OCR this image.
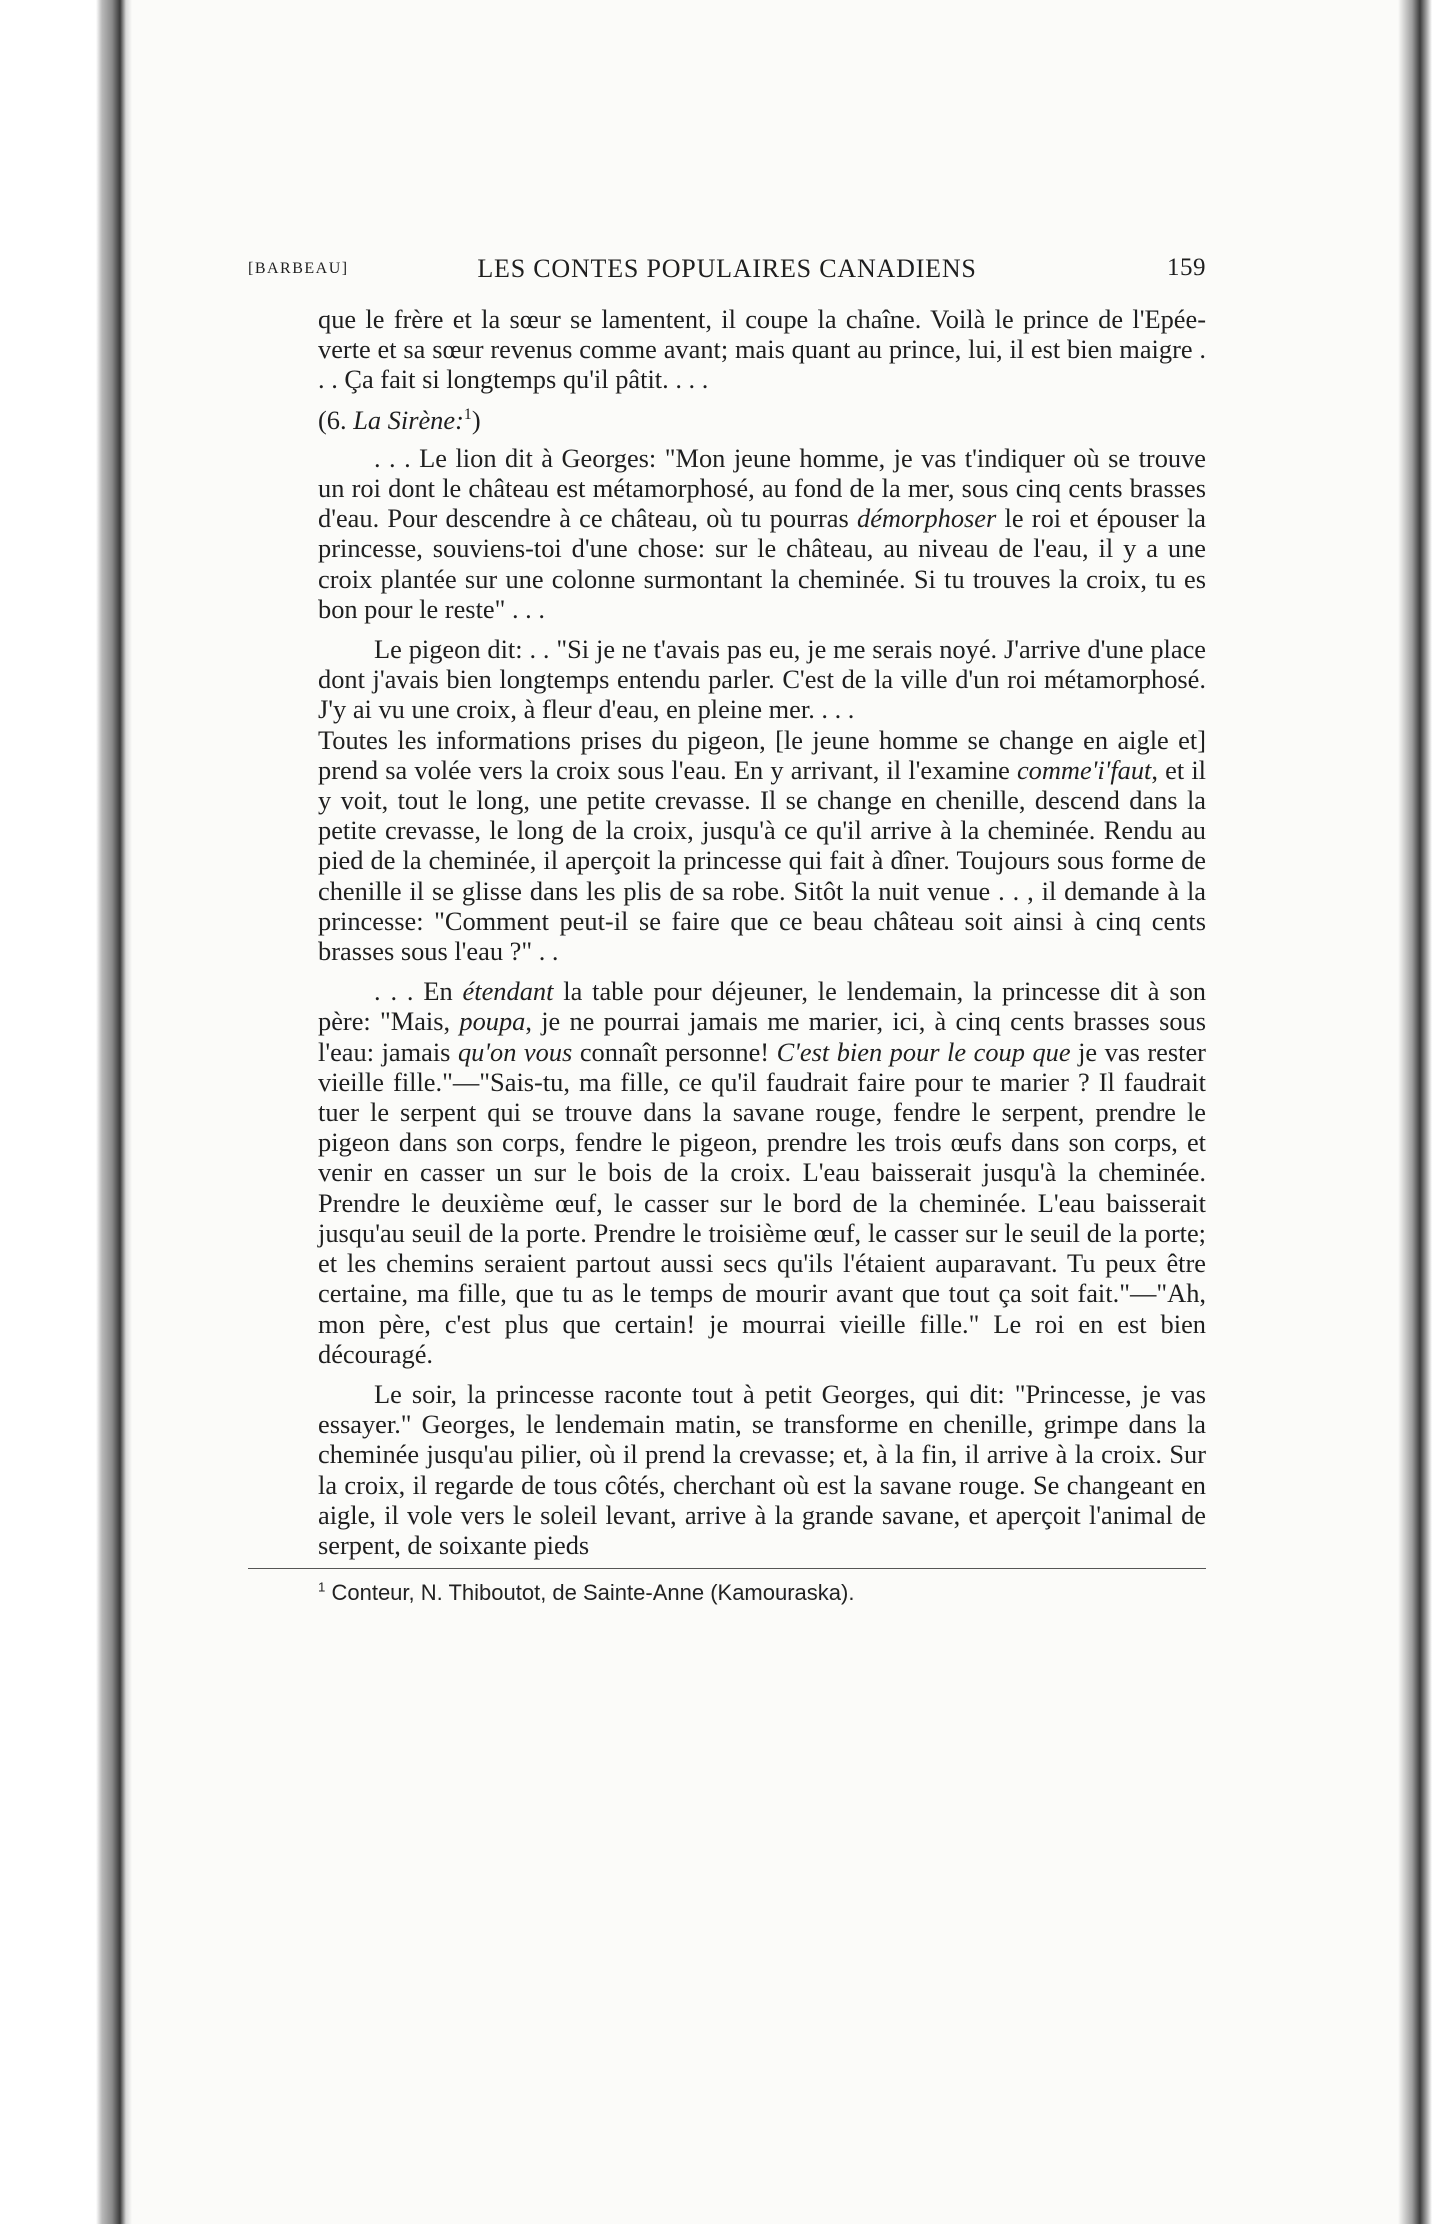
[BARBEAU]	LES CONTES POPULAIRES CANADIENS	159

que le frère et la sœur se lamentent, il coupe la chaîne. Voilà le prince de l'Epée-verte et sa sœur revenus comme avant; mais quant au prince, lui, il est bien maigre . . . Ça fait si longtemps qu'il pâtit. . . .

(6. La Sirène:$^1$)

. . . Le lion dit à Georges: "Mon jeune homme, je vas t'indiquer où se trouve un roi dont le château est métamorphosé, au fond de la mer, sous cinq cents brasses d'eau. Pour descendre à ce château, où tu pourras démorphoser le roi et épouser la princesse, souviens-toi d'une chose: sur le château, au niveau de l'eau, il y a une croix plantée sur une colonne surmontant la cheminée. Si tu trouves la croix, tu es bon pour le reste" . . .

Le pigeon dit: . . "Si je ne t'avais pas eu, je me serais noyé. J'arrive d'une place dont j'avais bien longtemps entendu parler. C'est de la ville d'un roi métamorphosé. J'y ai vu une croix, à fleur d'eau, en pleine mer. . . .

Toutes les informations prises du pigeon, [le jeune homme se change en aigle et] prend sa volée vers la croix sous l'eau. En y arrivant, il l'examine comme'i'faut, et il y voit, tout le long, une petite crevasse. Il se change en chenille, descend dans la petite crevasse, le long de la croix, jusqu'à ce qu'il arrive à la cheminée. Rendu au pied de la cheminée, il aperçoit la princesse qui fait à dîner. Toujours sous forme de chenille il se glisse dans les plis de sa robe. Sitôt la nuit venue . . , il demande à la princesse: "Comment peut-il se faire que ce beau château soit ainsi à cinq cents brasses sous l'eau ?" . .

. . . En étendant la table pour déjeuner, le lendemain, la princesse dit à son père: "Mais, poupa, je ne pourrai jamais me marier, ici, à cinq cents brasses sous l'eau: jamais qu'on vous connaît personne! C'est bien pour le coup que je vas rester vieille fille."—"Sais-tu, ma fille, ce qu'il faudrait faire pour te marier ? Il faudrait tuer le serpent qui se trouve dans la savane rouge, fendre le serpent, prendre le pigeon dans son corps, fendre le pigeon, prendre les trois œufs dans son corps, et venir en casser un sur le bois de la croix. L'eau baisserait jusqu'à la cheminée. Prendre le deuxième œuf, le casser sur le bord de la cheminée. L'eau baisserait jusqu'au seuil de la porte. Prendre le troisième œuf, le casser sur le seuil de la porte; et les chemins seraient partout aussi secs qu'ils l'étaient auparavant. Tu peux être certaine, ma fille, que tu as le temps de mourir avant que tout ça soit fait."—"Ah, mon père, c'est plus que certain! je mourrai vieille fille." Le roi en est bien découragé.

Le soir, la princesse raconte tout à petit Georges, qui dit: "Princesse, je vas essayer." Georges, le lendemain matin, se transforme en chenille, grimpe dans la cheminée jusqu'au pilier, où il prend la crevasse; et, à la fin, il arrive à la croix. Sur la croix, il regarde de tous côtés, cherchant où est la savane rouge. Se changeant en aigle, il vole vers le soleil levant, arrive à la grande savane, et aperçoit l'animal de serpent, de soixante pieds

$^1$ Conteur, N. Thiboutot, de Sainte-Anne (Kamouraska).
